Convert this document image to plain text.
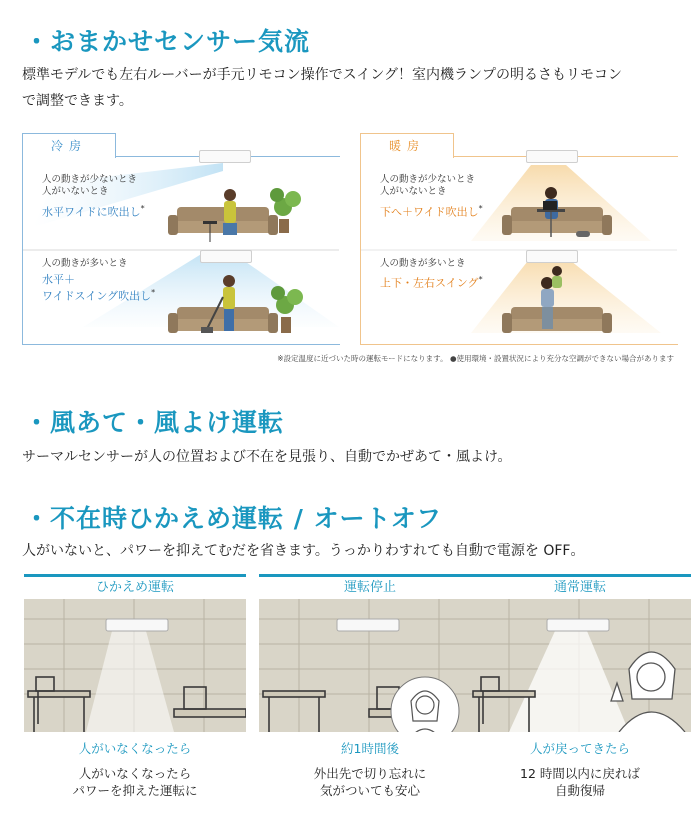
・おまかせセンサー気流
標準モデルでも左右ルーバーが手元リモコン操作でスイング！室内機ランプの明るさもリモコン
で調整できます。
冷房
人の動きが少ないとき
人がいないとき
水平ワイドに吹出し*
人の動きが多いとき
水平＋
ワイドスイング吹出し*
暖房
人の動きが少ないとき
人がいないとき
下へ＋ワイド吹出し*
人の動きが多いとき
上下・左右スイング*
※設定温度に近づいた時の運転モードになります。 ●使用環境・設置状況により充分な空調ができない場合があります
・風あて・風よけ運転
サーマルセンサーが人の位置および不在を見張り、自動でかぜあて・風よけ。
・不在時ひかえめ運転 / オートオフ
人がいないと、パワーを抑えてむだを省きます。うっかりわすれても自動で電源を OFF。
ひかえめ運転
人がいなくなったら
人がいなくなったら
パワーを抑えた運転に
運転停止
約1時間後
外出先で切り忘れに
気がついても安心
通常運転
人が戻ってきたら
12 時間以内に戻れば
自動復帰
